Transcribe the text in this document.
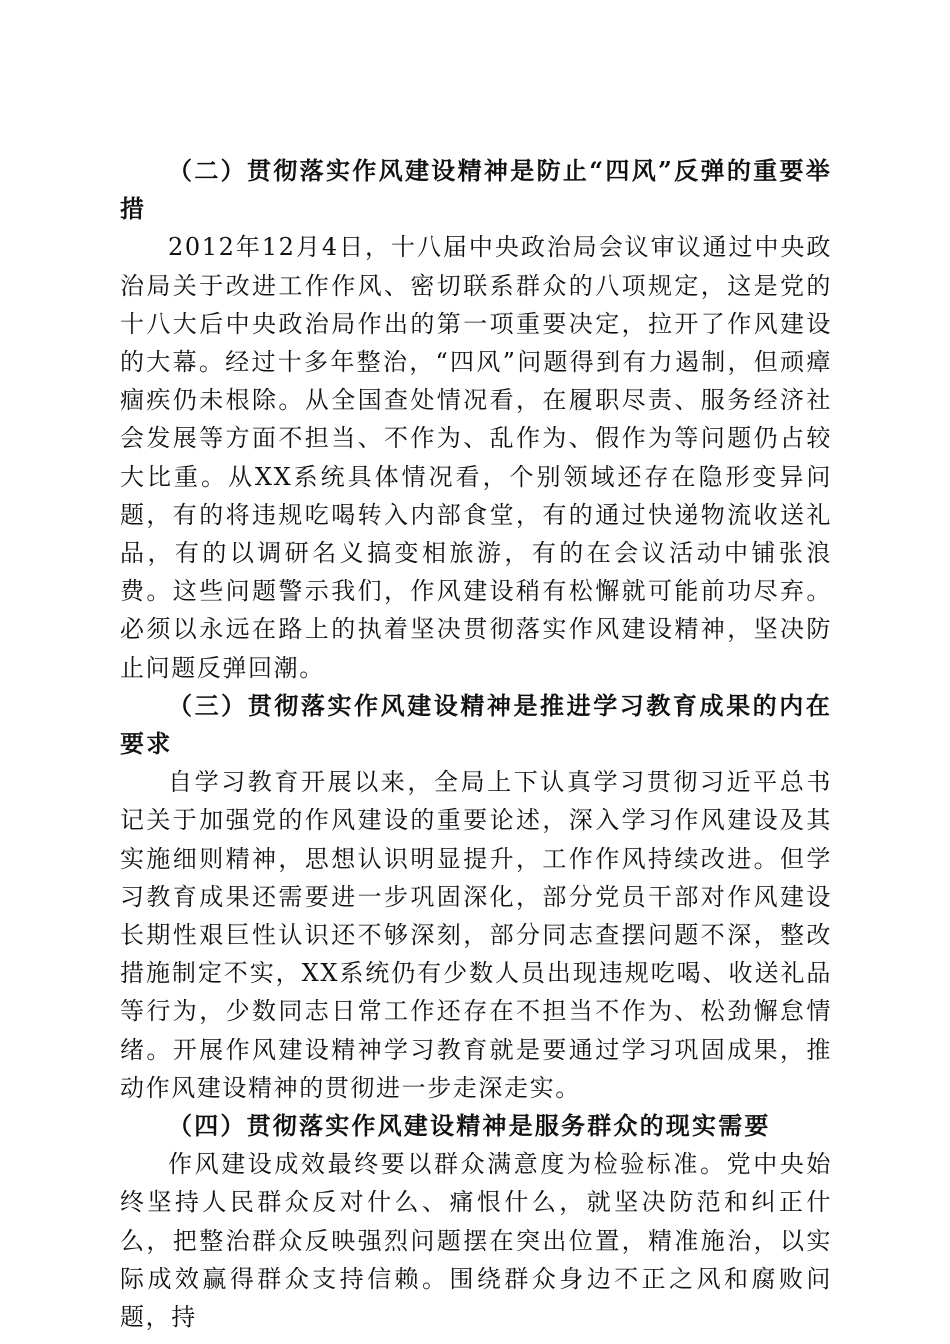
（二）贯彻落实作风建设精神是防止“四风”反弹的重要举措

2012年12月4日，十八届中央政治局会议审议通过中央政治局关于改进工作作风、密切联系群众的八项规定，这是党的十八大后中央政治局作出的第一项重要决定，拉开了作风建设的大幕。经过十多年整治，“四风”问题得到有力遏制，但顽瘴痼疾仍未根除。从全国查处情况看，在履职尽责、服务经济社会发展等方面不担当、不作为、乱作为、假作为等问题仍占较大比重。从XX系统具体情况看，个别领域还存在隐形变异问题，有的将违规吃喝转入内部食堂，有的通过快递物流收送礼品，有的以调研名义搞变相旅游，有的在会议活动中铺张浪费。这些问题警示我们，作风建设稍有松懈就可能前功尽弃。必须以永远在路上的执着坚决贯彻落实作风建设精神，坚决防止问题反弹回潮。

（三）贯彻落实作风建设精神是推进学习教育成果的内在要求

自学习教育开展以来，全局上下认真学习贯彻习近平总书记关于加强党的作风建设的重要论述，深入学习作风建设及其实施细则精神，思想认识明显提升，工作作风持续改进。但学习教育成果还需要进一步巩固深化，部分党员干部对作风建设长期性艰巨性认识还不够深刻，部分同志查摆问题不深，整改措施制定不实，XX系统仍有少数人员出现违规吃喝、收送礼品等行为，少数同志日常工作还存在不担当不作为、松劲懈怠情绪。开展作风建设精神学习教育就是要通过学习巩固成果，推动作风建设精神的贯彻进一步走深走实。

（四）贯彻落实作风建设精神是服务群众的现实需要

作风建设成效最终要以群众满意度为检验标准。党中央始终坚持人民群众反对什么、痛恨什么，就坚决防范和纠正什么，把整治群众反映强烈问题摆在突出位置，精准施治，以实际成效赢得群众支持信赖。围绕群众身边不正之风和腐败问题，持
